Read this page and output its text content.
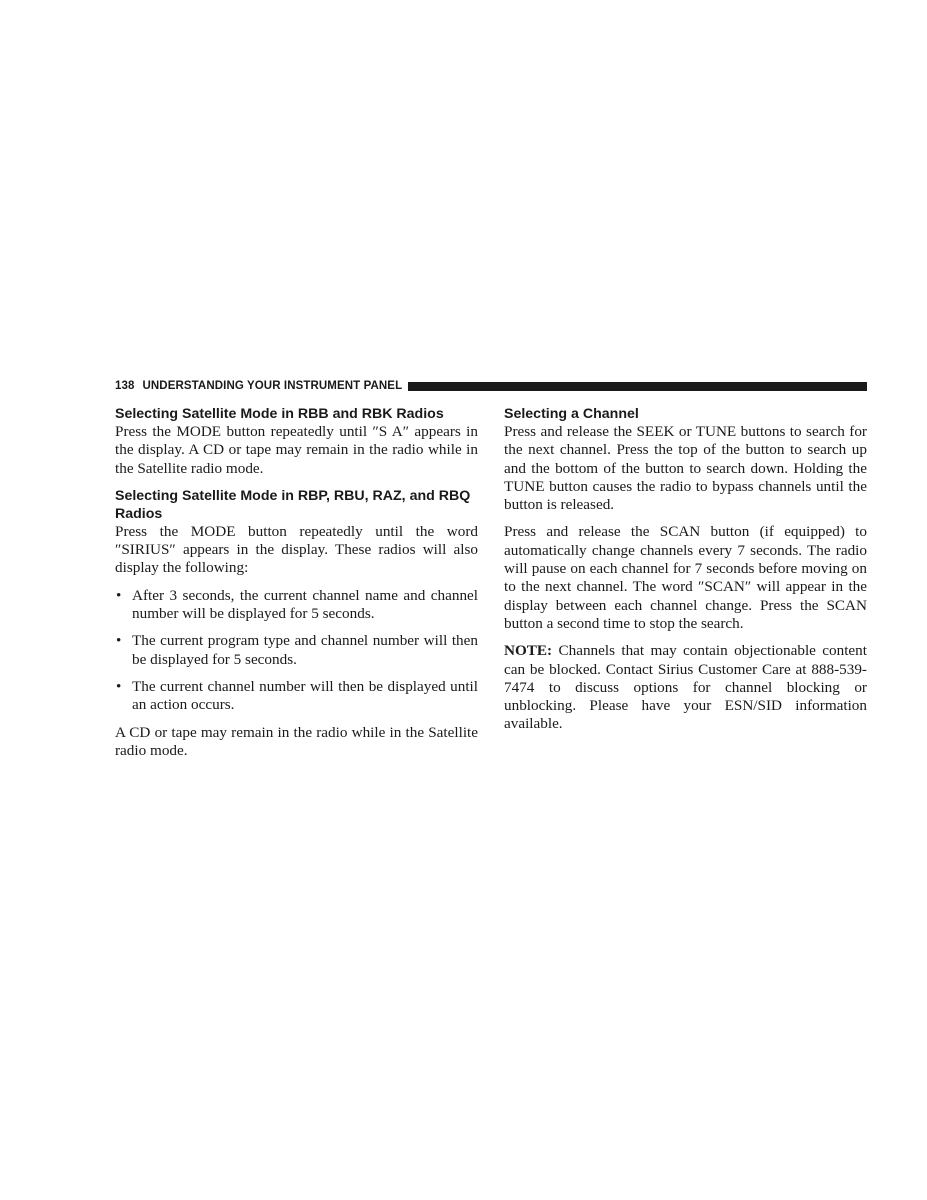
138 UNDERSTANDING YOUR INSTRUMENT PANEL
Selecting Satellite Mode in RBB and RBK Radios

Press the MODE button repeatedly until ″S A″ appears in the display. A CD or tape may remain in the radio while in the Satellite radio mode.

Selecting Satellite Mode in RBP, RBU, RAZ, and RBQ Radios

Press the MODE button repeatedly until the word ″SIRIUS″ appears in the display. These radios will also display the following:

• After 3 seconds, the current channel name and channel number will be displayed for 5 seconds.
• The current program type and channel number will then be displayed for 5 seconds.
• The current channel number will then be displayed until an action occurs.

A CD or tape may remain in the radio while in the Satellite radio mode.

Selecting a Channel

Press and release the SEEK or TUNE buttons to search for the next channel. Press the top of the button to search up and the bottom of the button to search down. Holding the TUNE button causes the radio to bypass channels until the button is released.

Press and release the SCAN button (if equipped) to automatically change channels every 7 seconds. The radio will pause on each channel for 7 seconds before moving on to the next channel. The word ″SCAN″ will appear in the display between each channel change. Press the SCAN button a second time to stop the search.

NOTE: Channels that may contain objectionable content can be blocked. Contact Sirius Customer Care at 888-539-7474 to discuss options for channel blocking or unblocking. Please have your ESN/SID information available.
